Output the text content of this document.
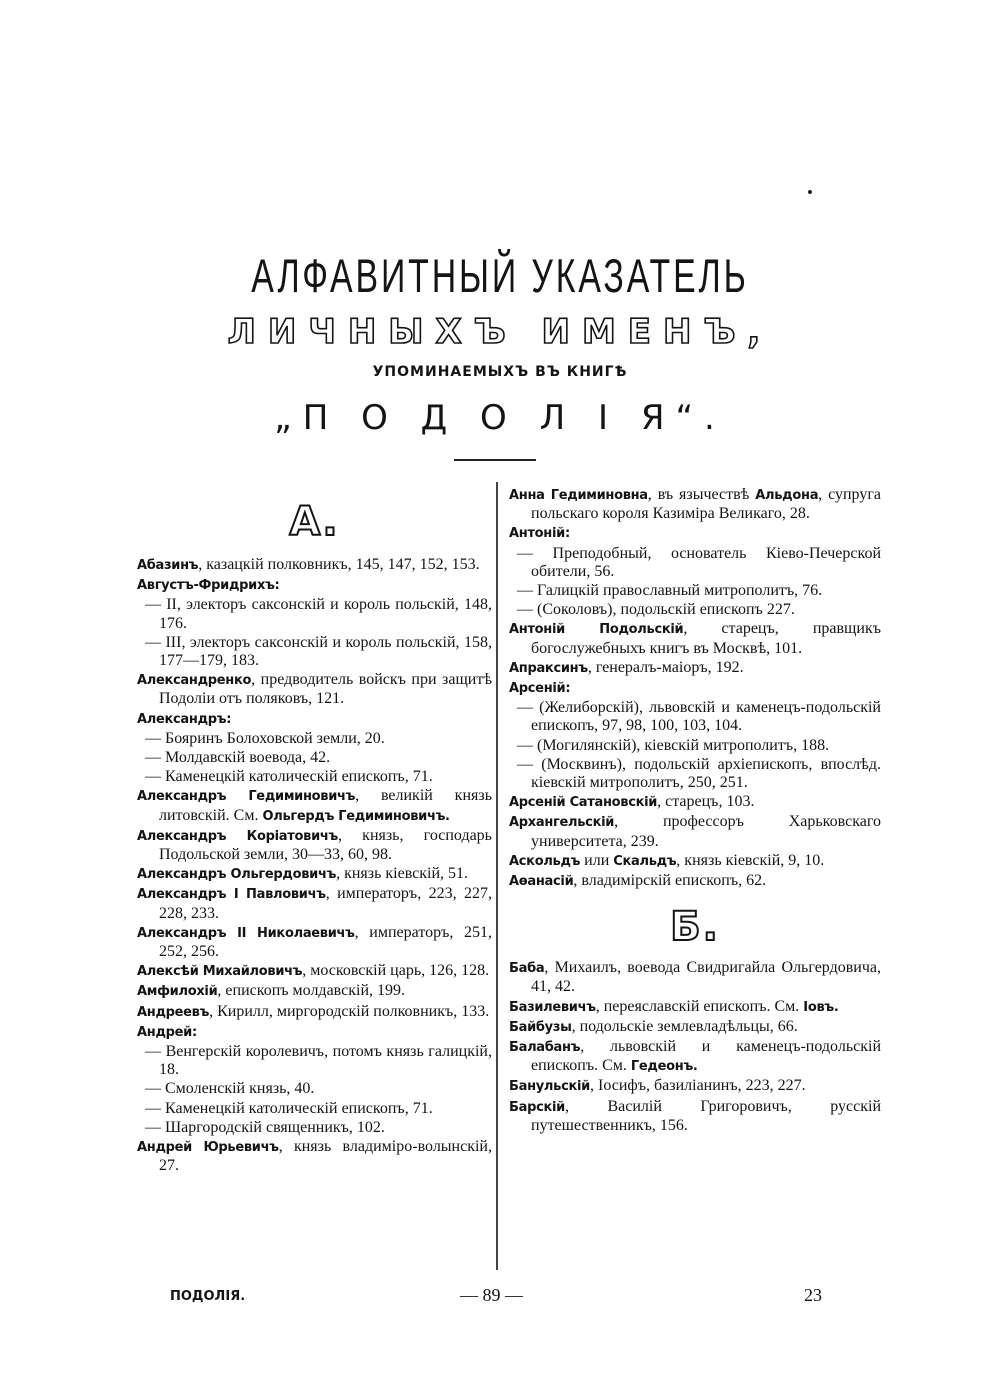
АЛФАВИТНЫЙ УКАЗАТЕЛЬ
ЛИЧНЫХЪ ИМЕНЪ,
УПОМИНАЕМЫХЪ ВЪ КНИГѢ
„П О Д О Л І Я“.
А.

Абазинъ, казацкій полковникъ, 145, 147, 152, 153.

Августъ-Фридрихъ:

— II, электоръ саксонскій и король польскій, 148, 176.

— III, электоръ саксонскій и король польскій, 158, 177—179, 183.

Александренко, предводитель войскъ при защитѣ Подоліи отъ поляковъ, 121.

Александръ:

— Бояринъ Болоховской земли, 20.

— Молдавскій воевода, 42.

— Каменецкій католическій епископъ, 71.

Александръ Гедиминовичъ, великій князь литовскій. См. Ольгердъ Гедиминовичъ.

Александръ Коріатовичъ, князь, господарь Подольской земли, 30—33, 60, 98.

Александръ Ольгердовичъ, князь кіевскій, 51.

Александръ I Павловичъ, императоръ, 223, 227, 228, 233.

Александръ II Николаевичъ, императоръ, 251, 252, 256.

Алексѣй Михайловичъ, московскій царь, 126, 128.

Амфилохій, епископъ молдавскій, 199.

Андреевъ, Кирилл, миргородскій полковникъ, 133.

Андрей:

— Венгерскій королевичъ, потомъ князь галицкій, 18.

— Смоленскій князь, 40.

— Каменецкій католическій епископъ, 71.

— Шаргородскій священникъ, 102.

Андрей Юрьевичъ, князь владиміро-волынскій, 27.

Анна Гедиминовна, въ язычествѣ Альдона, супруга польскаго короля Казиміра Великаго, 28.

Антоній:

— Преподобный, основатель Кіево-Печерской обители, 56.

— Галицкій православный митрополитъ, 76.

— (Соколовъ), подольскій епископъ 227.

Антоній Подольскій, старецъ, правщикъ богослужебныхъ книгъ въ Москвѣ, 101.

Апраксинъ, генералъ-маіоръ, 192.

Арсеній:

— (Желиборскій), львовскій и каменецъ-подольскій епископъ, 97, 98, 100, 103, 104.

— (Могилянскій), кіевскій митрополитъ, 188.

— (Москвинъ), подольскій архіепископъ, впослѣд. кіевскій митрополитъ, 250, 251.

Арсеній Сатановскій, старецъ, 103.

Архангельскій, профессоръ Харьковскаго университета, 239.

Аскольдъ или Скальдъ, князь кіевскій, 9, 10.

Аѳанасій, владимірскій епископъ, 62.

Б.

Баба, Михаилъ, воевода Свидригайла Ольгердовича, 41, 42.

Базилевичъ, переяславскій епископъ. См. Іовъ.

Байбузы, подольскіе землевладѣльцы, 66.

Балабанъ, львовскій и каменецъ-подольскій епископъ. См. Гедеонъ.

Банульскій, Іосифъ, базиліанинъ, 223, 227.

Барскій, Василій Григоровичъ, русскій путешественникъ, 156.

ПОДОЛІЯ.	— 89 —	23
